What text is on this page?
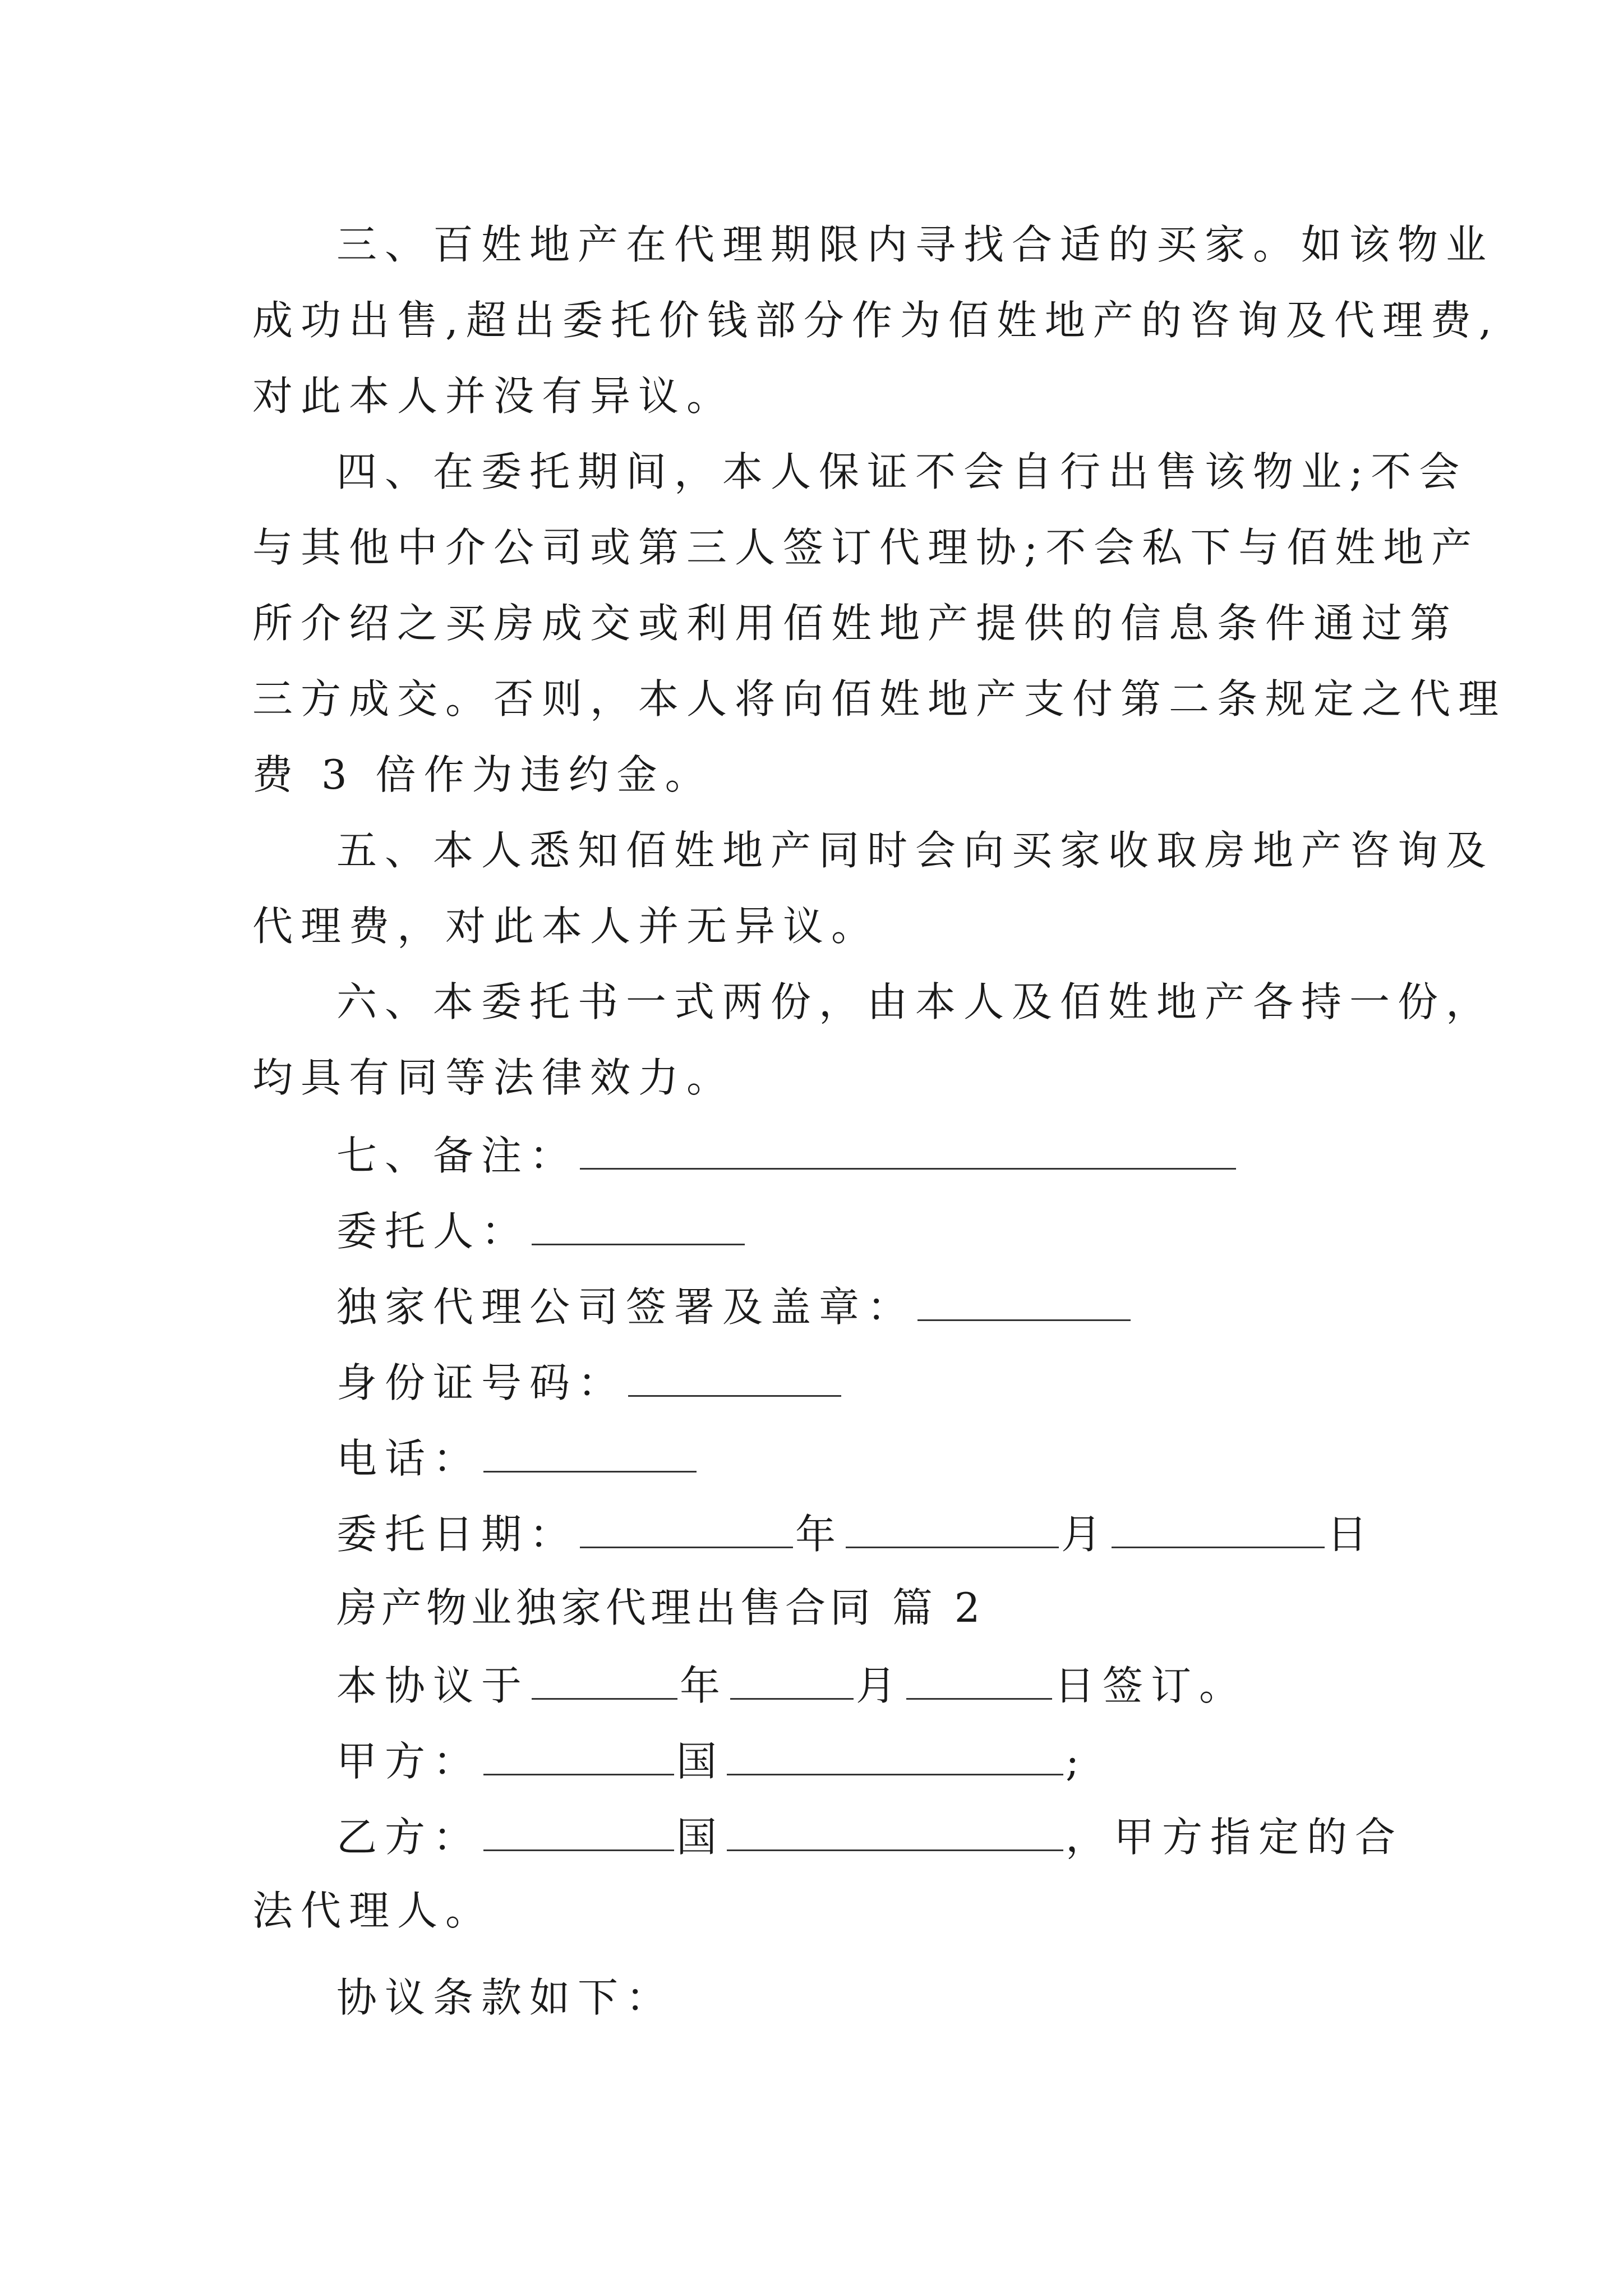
三、百姓地产在代理期限内寻找合适的买家。如该物业
成功出售,超出委托价钱部分作为佰姓地产的咨询及代理费,
对此本人并没有异议。
四、在委托期间，本人保证不会自行出售该物业;不会
与其他中介公司或第三人签订代理协;不会私下与佰姓地产
所介绍之买房成交或利用佰姓地产提供的信息条件通过第
三方成交。否则，本人将向佰姓地产支付第二条规定之代理
费 3 倍作为违约金。
五、本人悉知佰姓地产同时会向买家收取房地产咨询及
代理费，对此本人并无异议。
六、本委托书一式两份，由本人及佰姓地产各持一份，
均具有同等法律效力。
七、备注：
委托人：
独家代理公司签署及盖章：
身份证号码：
电话：
委托日期：	年	月	日
房产物业独家代理出售合同 篇 2
本协议于	年	月	日签订。
甲方：	国	;
乙方：	国	，甲方指定的合
法代理人。
协议条款如下：
